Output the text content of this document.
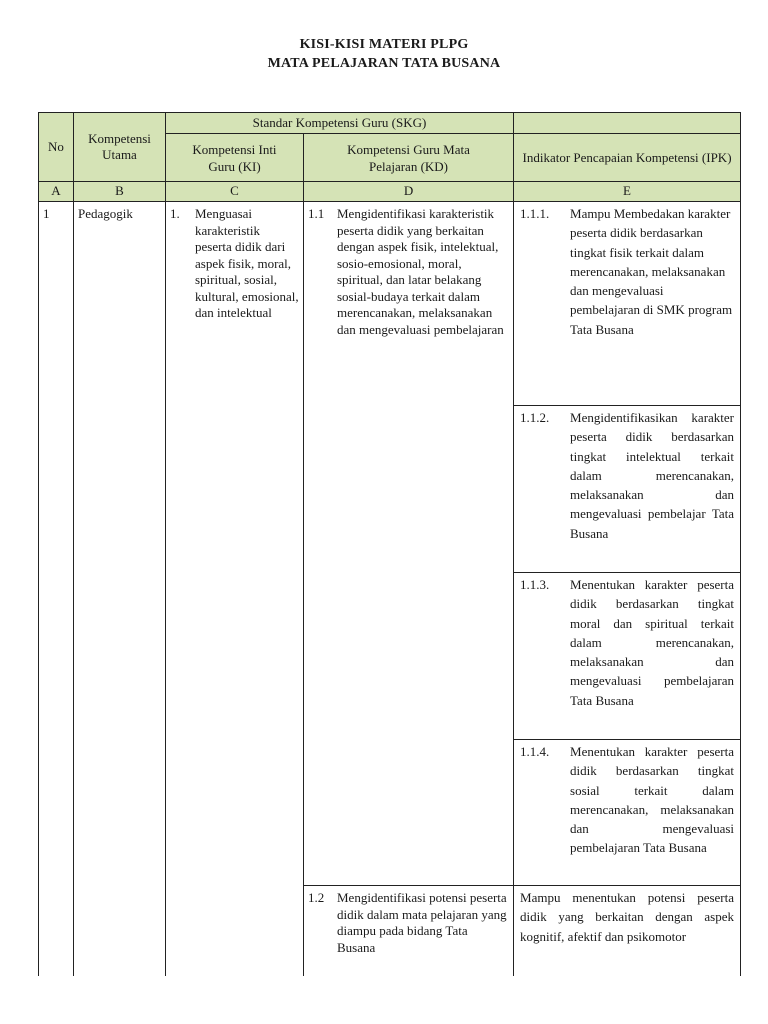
KISI-KISI MATERI PLPG
MATA PELAJARAN TATA BUSANA
No	Kompetensi Utama	Standar Kompetensi Guru (SKG)		
		Kompetensi Inti Guru (KI)	Kompetensi Guru Mata Pelajaran (KD)	Indikator Pencapaian Kompetensi (IPK)
A	B	C	D	E
1	Pedagogik	1. Menguasai karakteristik peserta didik dari aspek fisik, moral, spiritual, sosial, kultural, emosional, dan intelektual	1.1 Mengidentifikasi karakteristik peserta didik yang berkaitan dengan aspek fisik, intelektual, sosio-emosional, moral, spiritual, dan latar belakang sosial-budaya terkait dalam merencanakan, melaksanakan dan mengevaluasi pembelajaran	1.1.1. Mampu Membedakan karakter peserta didik berdasarkan tingkat fisik terkait dalam merencanakan, melaksanakan dan mengevaluasi pembelajaran di SMK program Tata Busana

				1.1.2. Mengidentifikasikan karakter peserta didik berdasarkan tingkat intelektual terkait dalam merencanakan, melaksanakan dan mengevaluasi pembelajar Tata Busana

				1.1.3. Menentukan karakter peserta didik berdasarkan tingkat moral dan spiritual terkait dalam merencanakan, melaksanakan dan mengevaluasi pembelajaran Tata Busana

				1.1.4. Menentukan karakter peserta didik berdasarkan tingkat sosial terkait dalam merencanakan, melaksanakan dan mengevaluasi pembelajaran Tata Busana

			1.2 Mengidentifikasi potensi peserta didik dalam mata pelajaran yang diampu pada bidang Tata Busana	Mampu menentukan potensi peserta didik yang berkaitan dengan aspek kognitif, afektif dan psikomotor
